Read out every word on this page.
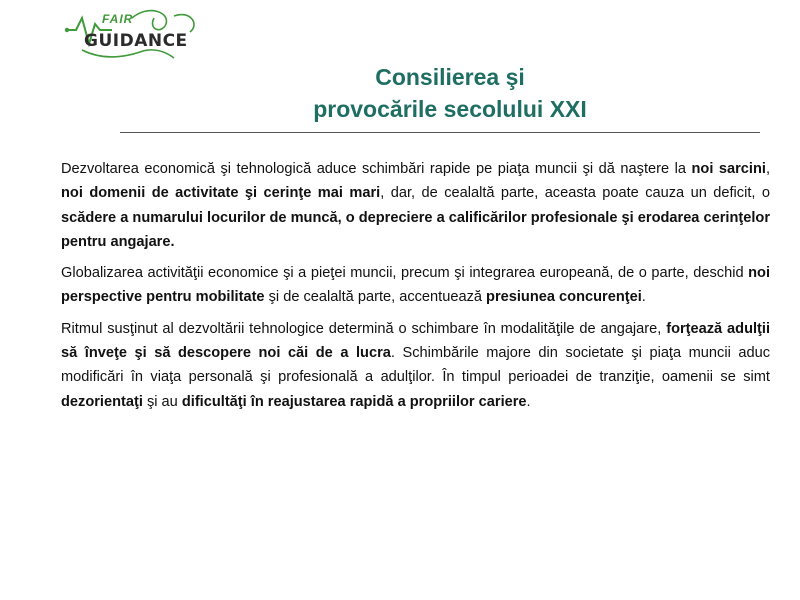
FAIR
GUIDANCE
Consilierea şi
provocările secolului XXI

Dezvoltarea economică şi tehnologică aduce schimbări rapide pe piaţa muncii şi dă naştere la noi sarcini, noi domenii de activitate şi cerinţe mai mari, dar, de cealaltă parte, aceasta poate cauza un deficit, o scădere a numarului locurilor de muncă, o depreciere a calificărilor profesionale şi erodarea cerinţelor pentru angajare.

Globalizarea activităţii economice şi a pieţei muncii, precum şi integrarea europeană, de o parte, deschid noi perspective pentru mobilitate şi de cealaltă parte, accentuează presiunea concurenţei.

Ritmul susţinut al dezvoltării tehnologice determină o schimbare în modalităţile de angajare, forţează adulţii să înveţe şi să descopere noi căi de a lucra. Schimbările majore din societate şi piaţa muncii aduc modificări în viaţa personală şi profesională a adulţilor. În timpul perioadei de tranziţie, oamenii se simt dezorientaţi şi au dificultăţi în reajustarea rapidă a propriilor cariere.
